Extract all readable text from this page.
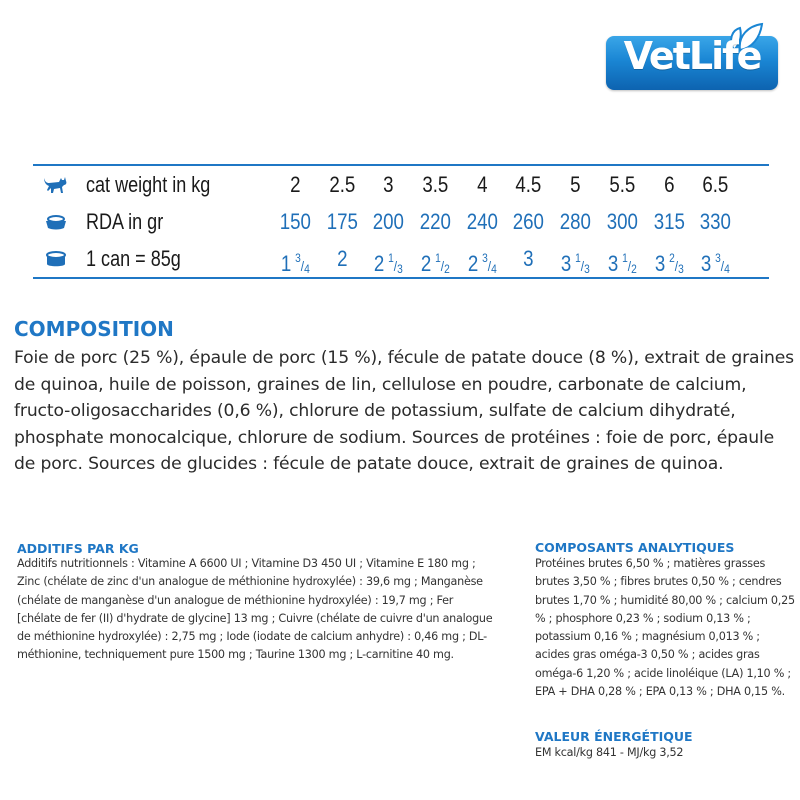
VetLife
cat weight in kg	2	2.5	3	3.5	4	4.5	5	5.5	6	6.5
RDA in gr	150 175 200 220 240 260 280 300 315 330
1 can = 85g	1  $^3/_4$	2	2  $^1/_3$ 2  $^1/_2$ 2  $^3/_4$	3	3  $^1/_3$ 3  $^1/_2$ 3  $^2/_3$ 3  $^3/_4$
COMPOSITION
Foie de porc (25 %), épaule de porc (15 %), fécule de patate douce (8 %), extrait de graines de quinoa, huile de poisson, graines de lin, cellulose en poudre, carbonate de calcium, fructo-oligosaccharides (0,6 %), chlorure de potassium, sulfate de calcium dihydraté, phosphate monocalcique, chlorure de sodium. Sources de protéines : foie de porc, épaule de porc. Sources de glucides : fécule de patate douce, extrait de graines de quinoa.
ADDITIFS PAR KG
Additifs nutritionnels : Vitamine A 6600 UI ; Vitamine D3 450 UI ; Vitamine E 180 mg ; Zinc (chélate de zinc d'un analogue de méthionine hydroxylée) : 39,6 mg ; Manganèse (chélate de manganèse d'un analogue de méthionine hydroxylée) : 19,7 mg ; Fer [chélate de fer (II) d'hydrate de glycine] 13 mg ; Cuivre (chélate de cuivre d'un analogue de méthionine hydroxylée) : 2,75 mg ; Iode (iodate de calcium anhydre) : 0,46 mg ; DL-méthionine, techniquement pure 1500 mg ; Taurine 1300 mg ; L-carnitine 40 mg.
COMPOSANTS ANALYTIQUES
Protéines brutes 6,50 % ; matières grasses brutes 3,50 % ; fibres brutes 0,50 % ; cendres brutes 1,70 % ; humidité 80,00 % ; calcium 0,25 % ; phosphore 0,23 % ; sodium 0,13 % ; potassium 0,16 % ; magnésium 0,013 % ; acides gras oméga-3 0,50 % ; acides gras oméga-6 1,20 % ; acide linoléique (LA) 1,10 % ; EPA + DHA 0,28 % ; EPA 0,13 % ; DHA 0,15 %.
VALEUR ÉNERGÉTIQUE
EM kcal/kg 841 - MJ/kg 3,52
